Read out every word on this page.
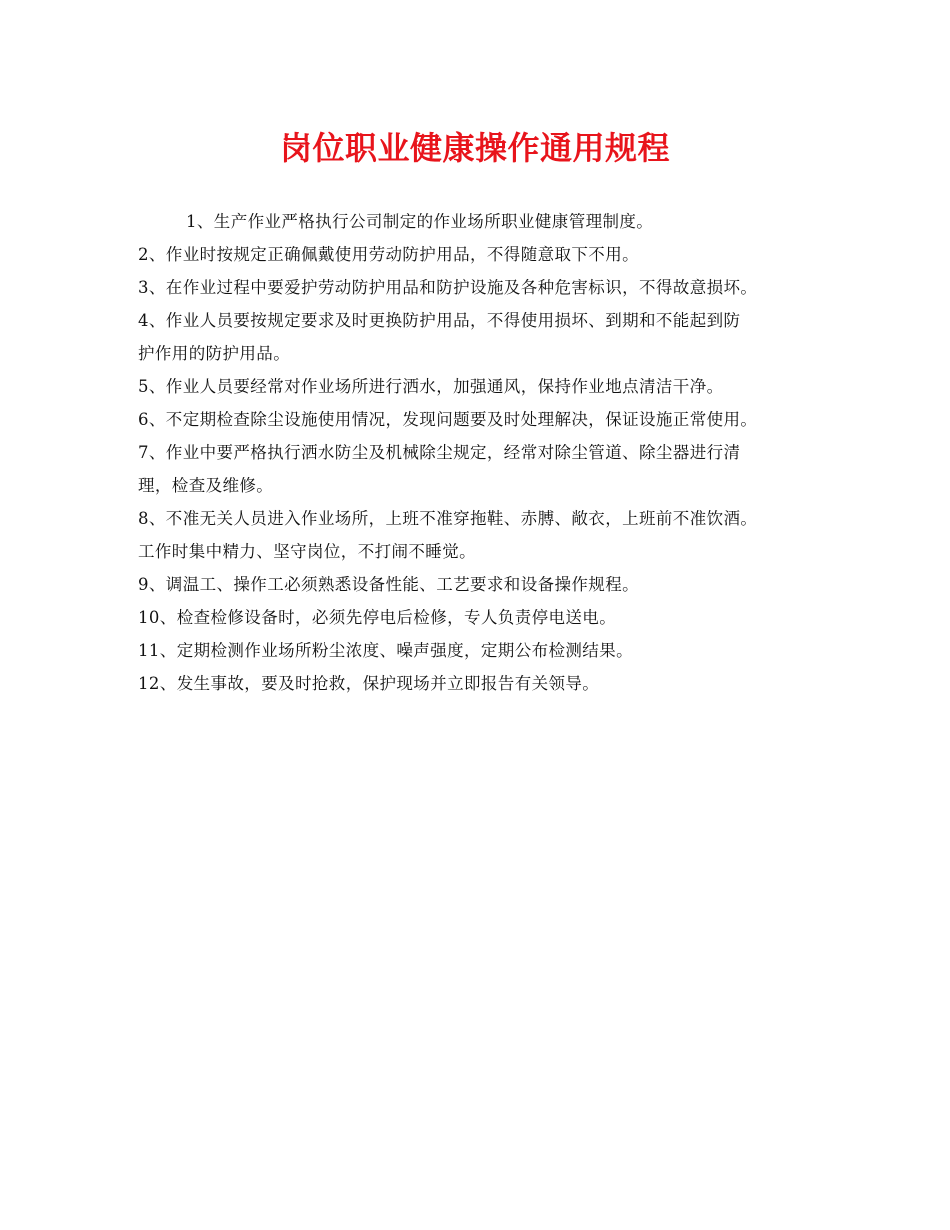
岗位职业健康操作通用规程
1、生产作业严格执行公司制定的作业场所职业健康管理制度。
2、作业时按规定正确佩戴使用劳动防护用品，不得随意取下不用。
3、在作业过程中要爱护劳动防护用品和防护设施及各种危害标识，不得故意损坏。
4、作业人员要按规定要求及时更换防护用品，不得使用损坏、到期和不能起到防
护作用的防护用品。
5、作业人员要经常对作业场所进行洒水，加强通风，保持作业地点清洁干净。
6、不定期检查除尘设施使用情况，发现问题要及时处理解决，保证设施正常使用。
7、作业中要严格执行洒水防尘及机械除尘规定，经常对除尘管道、除尘器进行清
理，检查及维修。
8、不准无关人员进入作业场所，上班不准穿拖鞋、赤膊、敞衣，上班前不准饮酒。
工作时集中精力、坚守岗位，不打闹不睡觉。
9、调温工、操作工必须熟悉设备性能、工艺要求和设备操作规程。
10、检查检修设备时，必须先停电后检修，专人负责停电送电。
11、定期检测作业场所粉尘浓度、噪声强度，定期公布检测结果。
12、发生事故，要及时抢救，保护现场并立即报告有关领导。
